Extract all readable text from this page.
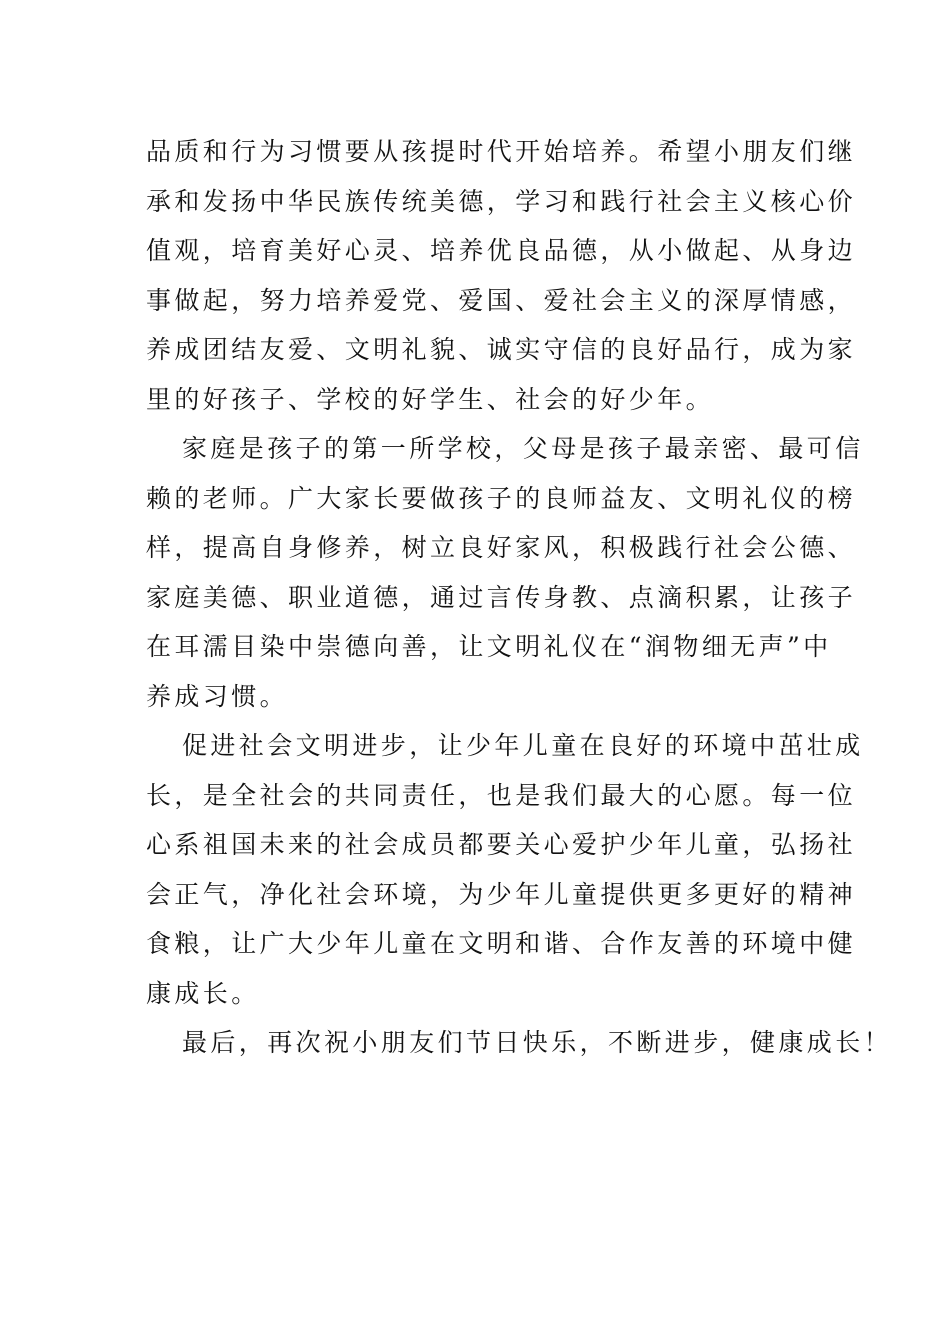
品质和行为习惯要从孩提时代开始培养。希望小朋友们继
承和发扬中华民族传统美德，学习和践行社会主义核心价
值观，培育美好心灵、培养优良品德，从小做起、从身边
事做起，努力培养爱党、爱国、爱社会主义的深厚情感，
养成团结友爱、文明礼貌、诚实守信的良好品行，成为家
里的好孩子、学校的好学生、社会的好少年。
家庭是孩子的第一所学校，父母是孩子最亲密、最可信
赖的老师。广大家长要做孩子的良师益友、文明礼仪的榜
样，提高自身修养，树立良好家风，积极践行社会公德、
家庭美德、职业道德，通过言传身教、点滴积累，让孩子
在耳濡目染中崇德向善，让文明礼仪在“润物细无声”中
养成习惯。
促进社会文明进步，让少年儿童在良好的环境中茁壮成
长，是全社会的共同责任，也是我们最大的心愿。每一位
心系祖国未来的社会成员都要关心爱护少年儿童，弘扬社
会正气，净化社会环境，为少年儿童提供更多更好的精神
食粮，让广大少年儿童在文明和谐、合作友善的环境中健
康成长。
最后，再次祝小朋友们节日快乐，不断进步，健康成长！
